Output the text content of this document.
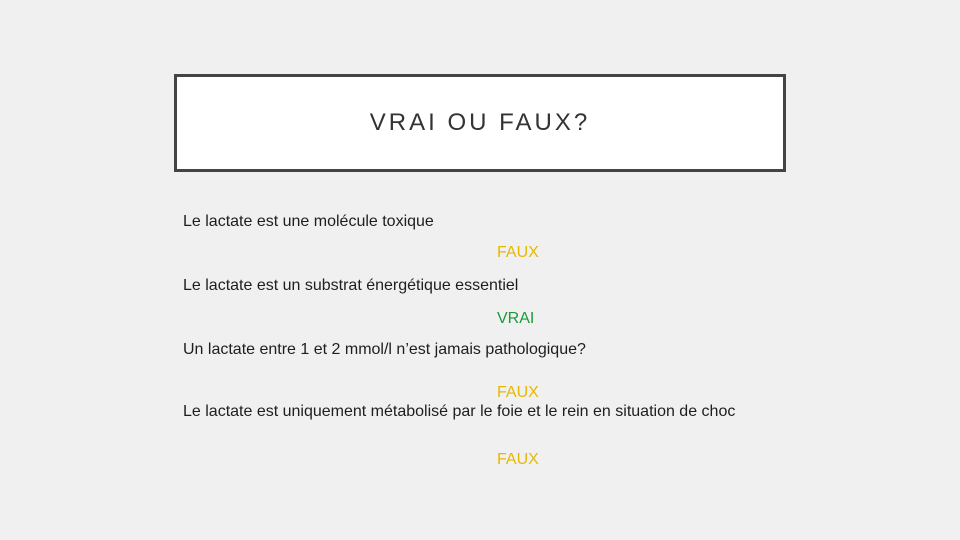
VRAI OU FAUX?
Le lactate est une molécule toxique
FAUX
Le lactate est un substrat énergétique essentiel
VRAI
Un lactate entre 1 et 2 mmol/l n’est jamais pathologique?
FAUX
Le lactate est uniquement métabolisé par le foie et le rein en situation de choc
FAUX
